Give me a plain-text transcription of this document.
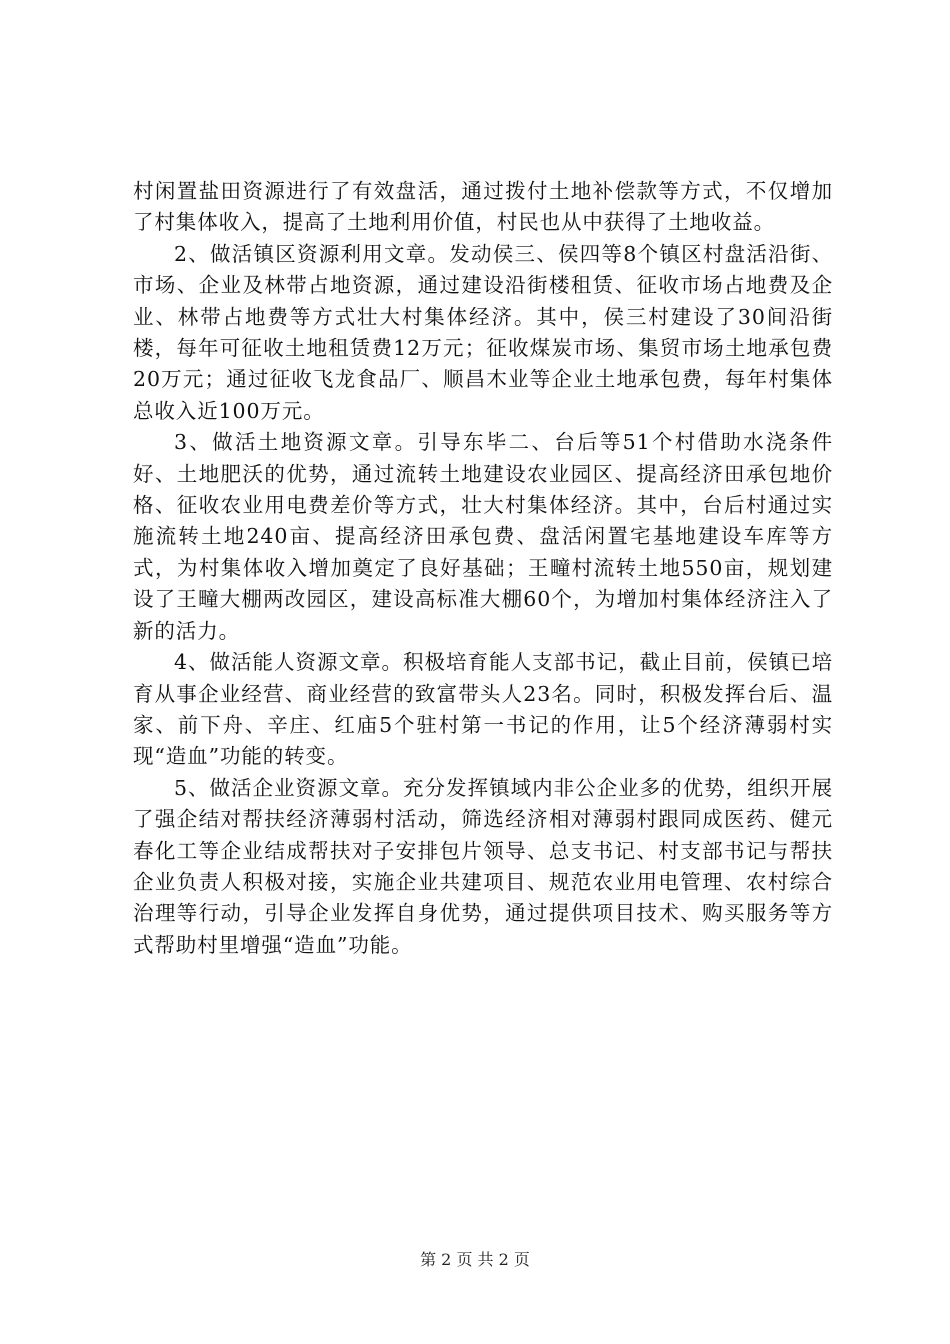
村闲置盐田资源进行了有效盘活，通过拨付土地补偿款等方式，不仅增加了村集体收入，提高了土地利用价值，村民也从中获得了土地收益。

2、做活镇区资源利用文章。发动侯三、侯四等8个镇区村盘活沿街、市场、企业及林带占地资源，通过建设沿街楼租赁、征收市场占地费及企业、林带占地费等方式壮大村集体经济。其中，侯三村建设了30间沿街楼，每年可征收土地租赁费12万元；征收煤炭市场、集贸市场土地承包费20万元；通过征收飞龙食品厂、顺昌木业等企业土地承包费，每年村集体总收入近100万元。

3、做活土地资源文章。引导东毕二、台后等51个村借助水浇条件好、土地肥沃的优势，通过流转土地建设农业园区、提高经济田承包地价格、征收农业用电费差价等方式，壮大村集体经济。其中，台后村通过实施流转土地240亩、提高经济田承包费、盘活闲置宅基地建设车库等方式，为村集体收入增加奠定了良好基础；王疃村流转土地550亩，规划建设了王疃大棚两改园区，建设高标准大棚60个，为增加村集体经济注入了新的活力。

4、做活能人资源文章。积极培育能人支部书记，截止目前，侯镇已培育从事企业经营、商业经营的致富带头人23名。同时，积极发挥台后、温家、前下舟、辛庄、红庙5个驻村第一书记的作用，让5个经济薄弱村实现“造血”功能的转变。

5、做活企业资源文章。充分发挥镇域内非公企业多的优势，组织开展了强企结对帮扶经济薄弱村活动，筛选经济相对薄弱村跟同成医药、健元春化工等企业结成帮扶对子安排包片领导、总支书记、村支部书记与帮扶企业负责人积极对接，实施企业共建项目、规范农业用电管理、农村综合治理等行动，引导企业发挥自身优势，通过提供项目技术、购买服务等方式帮助村里增强“造血”功能。

第 2 页 共 2 页
